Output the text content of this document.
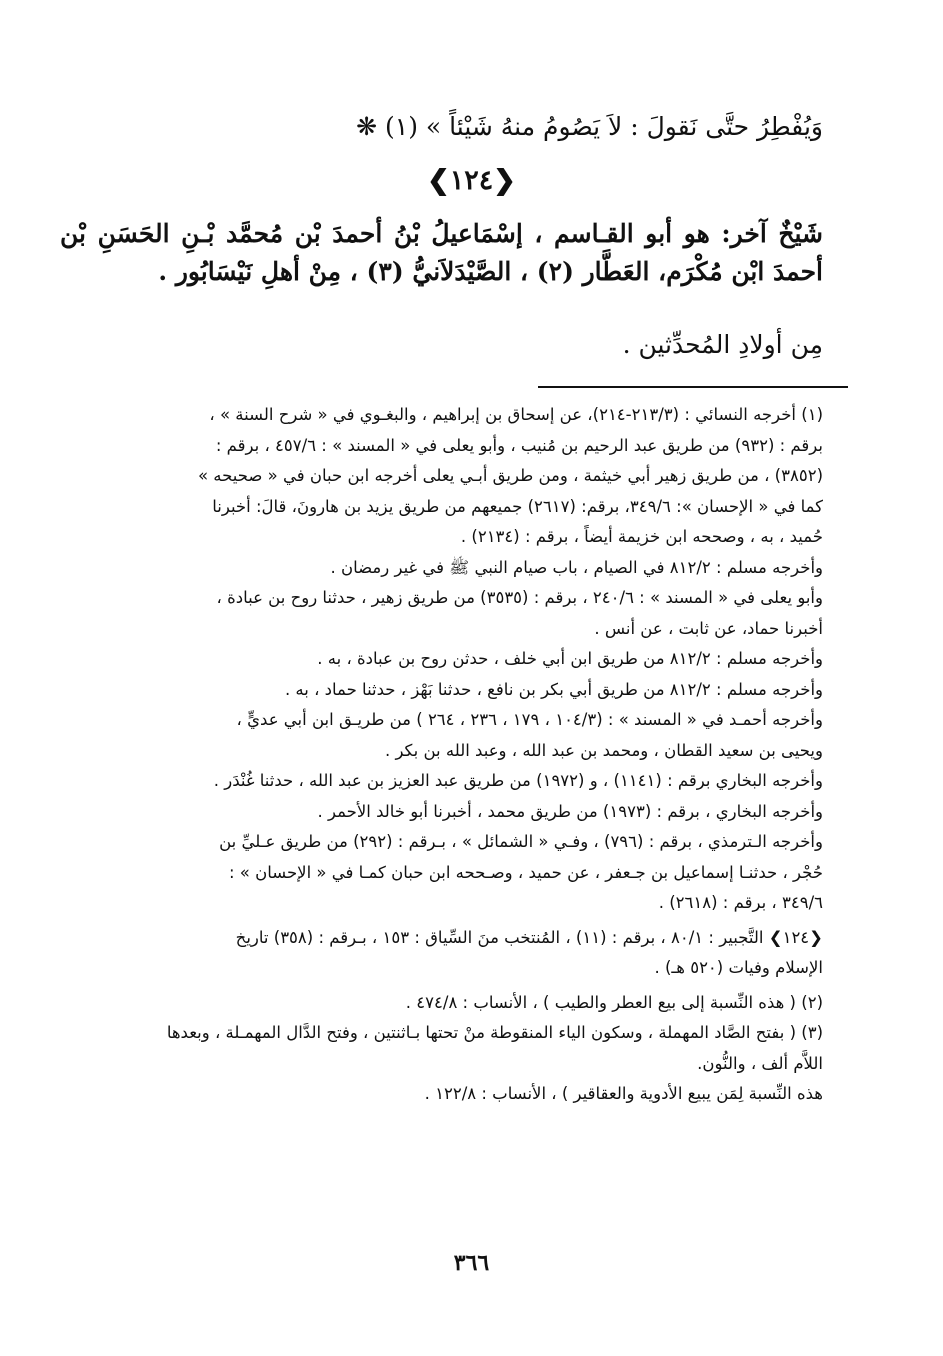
وَيُفْطِرُ حتَّى نَقولَ : لاَ يَصُومُ منهُ شَيْئاً » (١) ❋
❮١٢٤❯
شَيْخٌ آخر: هو أبو القـاسم ، إسْمَاعيلُ بْنُ أحمدَ بْن مُحمَّد بْـنِ الحَسَنِ بْن أحمدَ ابْن مُكْرَم، العَطَّار (٢) ، الصَّيْدَلاَنيُّ (٣) ، مِنْ أهلِ نَيْسَابُور .
مِن أولادِ المُحدِّثين .
(١) أخرجه النسائي : (٢١٣/٣-٢١٤)، عن إسحاق بن إبراهيم ، والبغـوي في « شرح السنة » ،
برقم : (٩٣٢) من طريق عبد الرحيم بن مُنيب ، وأبو يعلى في « المسند » : ٤٥٧/٦ ، برقم :
(٣٨٥٢) ، من طريق زهير أبي خيثمة ، ومن طريق أبـي يعلى أخرجه ابن حبان في « صحيحه »
كما في « الإحسان »: ٣٤٩/٦، برقم: (٢٦١٧) جميعهم من طريق يزيد بن هارونَ، قالَ: أخبرنا
حُميد ، به ، وصححه ابن خزيمة أيضاً ، برقم : (٢١٣٤) .
وأخرجه مسلم : ٨١٢/٢ في الصيام ، باب صيام النبي ﷺ في غير رمضان .
وأبو يعلى في « المسند » : ٢٤٠/٦ ، برقم : (٣٥٣٥) من طريق زهير ، حدثنا روح بن عبادة ،
أخبرنا حماد، عن ثابت ، عن أنس .
وأخرجه مسلم : ٨١٢/٢ من طريق ابن أبي خلف ، حدثن روح بن عبادة ، به .
وأخرجه مسلم : ٨١٢/٢ من طريق أبي بكر بن نافع ، حدثنا بَهْز ، حدثنا حماد ، به .
وأخرجه أحمـد في « المسند » : (١٠٤/٣ ، ١٧٩ ، ٢٣٦ ، ٢٦٤ ) من طريـق ابن أبي عديٍّ ،
ويحيى بن سعيد القطان ، ومحمد بن عبد الله ، وعبد الله بن بكر .
وأخرجه البخاري برقم : (١١٤١) ، و (١٩٧٢) من طريق عبد العزيز بن عبد الله ، حدثنا غُنْدَر .
وأخرجه البخاري ، برقم : (١٩٧٣) من طريق محمد ، أخبرنا أبو خالد الأحمر .
وأخرجه الـترمذي ، برقم : (٧٩٦) ، وفـي « الشمائل » ، بـرقم : (٢٩٢) من طريق عـليِّ بن
حُجْر ، حدثنـا إسماعيل بن جـعفر ، عن حميد ، وصـححه ابن حبان كمـا في « الإحسان » :
٣٤٩/٦ ، برقم : (٢٦١٨) .
❮١٢٤❯ التَّجبير : ٨٠/١ ، برقم : (١١) ، المُنتخب منَ السِّياق : ١٥٣ ، بـرقم : (٣٥٨) تاريخ
الإسلام وفيات (٥٢٠ هـ) .
(٢) ( هذه النِّسبة إلى بيع العطر والطيب ) ، الأنساب : ٤٧٤/٨ .
(٣) ( بفتح الصَّاد المهملة ، وسكون الياء المنقوطة منْ تحتها بـاثنتين ، وفتح الدَّال المهمـلة ، وبعدها
اللاَّم ألف ، والنُّون.
هذه النِّسبة لِمَن يبيع الأدوية والعقاقير ) ، الأنساب : ١٢٢/٨ .
٣٦٦
